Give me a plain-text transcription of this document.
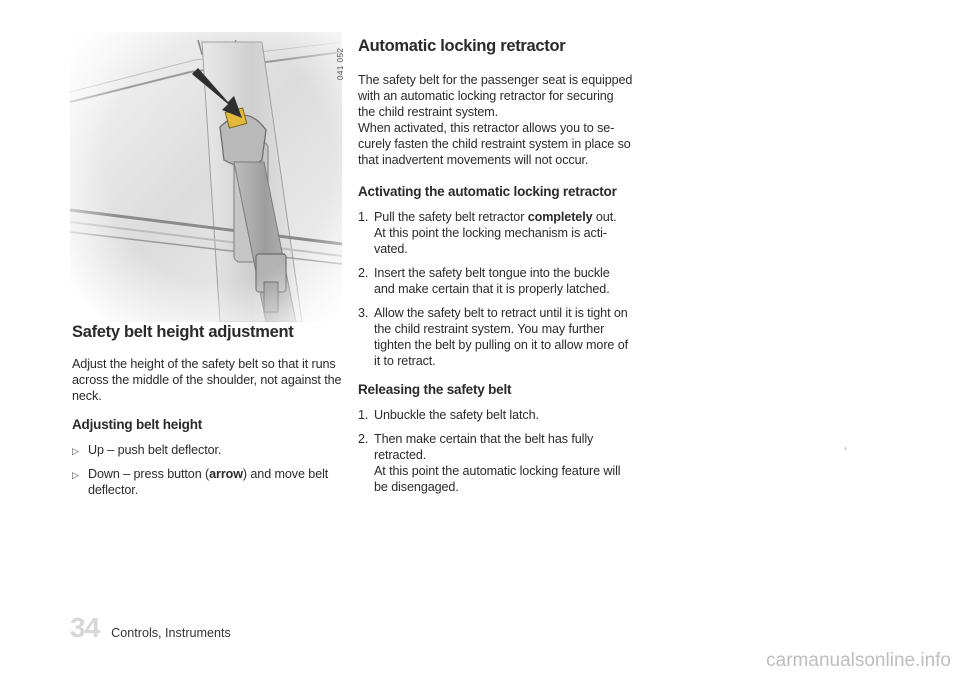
041 052
Safety belt height adjustment

Adjust the height of the safety belt so that it runs
across the middle of the shoulder, not against the
neck.

Adjusting belt height
▷ Up – push belt deflector.
▷ Down – press button (arrow) and move belt
deflector.
Automatic locking retractor

The safety belt for the passenger seat is equipped
with an automatic locking retractor for securing
the child restraint system.
When activated, this retractor allows you to se-
curely fasten the child restraint system in place so
that inadvertent movements will not occur.

Activating the automatic locking retractor
1. Pull the safety belt retractor completely out.
At this point the locking mechanism is acti-
vated.
2. Insert the safety belt tongue into the buckle
and make certain that it is properly latched.
3. Allow the safety belt to retract until it is tight on
the child restraint system. You may further
tighten the belt by pulling on it to allow more of
it to retract.
Releasing the safety belt
1. Unbuckle the safety belt latch.
2. Then make certain that the belt has fully
retracted.
At this point the automatic locking feature will
be disengaged.
34 Controls, Instruments
carmanualsonline.info
